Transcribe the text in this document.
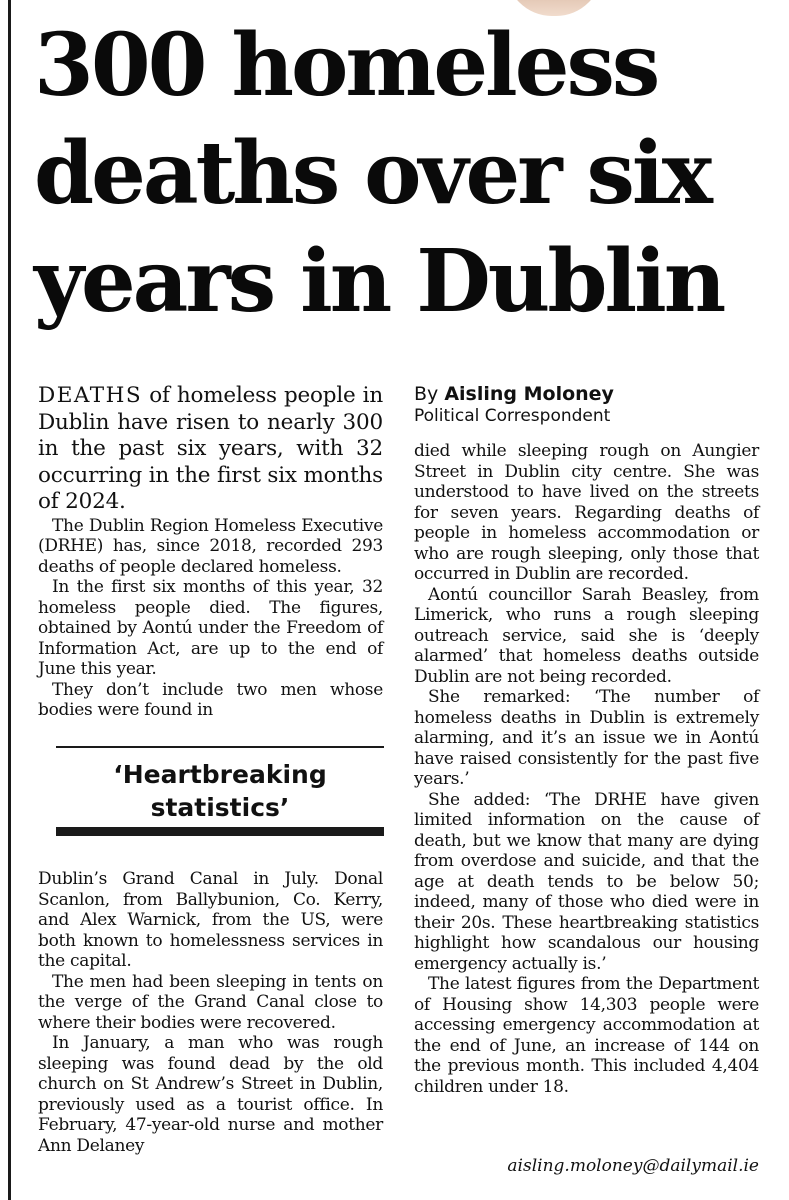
300 homeless
deaths over six
years in Dublin

DEATHS of homeless people in Dublin have risen to nearly 300 in the past six years, with 32 occurring in the first six months of 2024.

The Dublin Region Homeless Executive (DRHE) has, since 2018, recorded 293 deaths of people declared homeless.

In the first six months of this year, 32 homeless people died. The figures, obtained by Aontú under the Freedom of Information Act, are up to the end of June this year.

They don’t include two men whose bodies were found in

‘Heartbreaking statistics’

Dublin’s Grand Canal in July. Donal Scanlon, from Ballybunion, Co. Kerry, and Alex Warnick, from the US, were both known to homelessness services in the capital.

The men had been sleeping in tents on the verge of the Grand Canal close to where their bodies were recovered.

In January, a man who was rough sleeping was found dead by the old church on St Andrew’s Street in Dublin, previously used as a tourist office. In February, 47-year-old nurse and mother Ann Delaney

By Aisling Moloney
Political Correspondent

died while sleeping rough on Aungier Street in Dublin city centre. She was understood to have lived on the streets for seven years. Regarding deaths of people in homeless accommodation or who are rough sleeping, only those that occurred in Dublin are recorded.

Aontú councillor Sarah Beasley, from Limerick, who runs a rough sleeping outreach service, said she is ‘deeply alarmed’ that homeless deaths outside Dublin are not being recorded.

She remarked: ‘The number of homeless deaths in Dublin is extremely alarming, and it’s an issue we in Aontú have raised consistently for the past five years.’

She added: ‘The DRHE have given limited information on the cause of death, but we know that many are dying from overdose and suicide, and that the age at death tends to be below 50; indeed, many of those who died were in their 20s. These heartbreaking statistics highlight how scandalous our housing emergency actually is.’

The latest figures from the Department of Housing show 14,303 people were accessing emergency accommodation at the end of June, an increase of 144 on the previous month. This included 4,404 children under 18.

aisling.moloney@dailymail.ie
